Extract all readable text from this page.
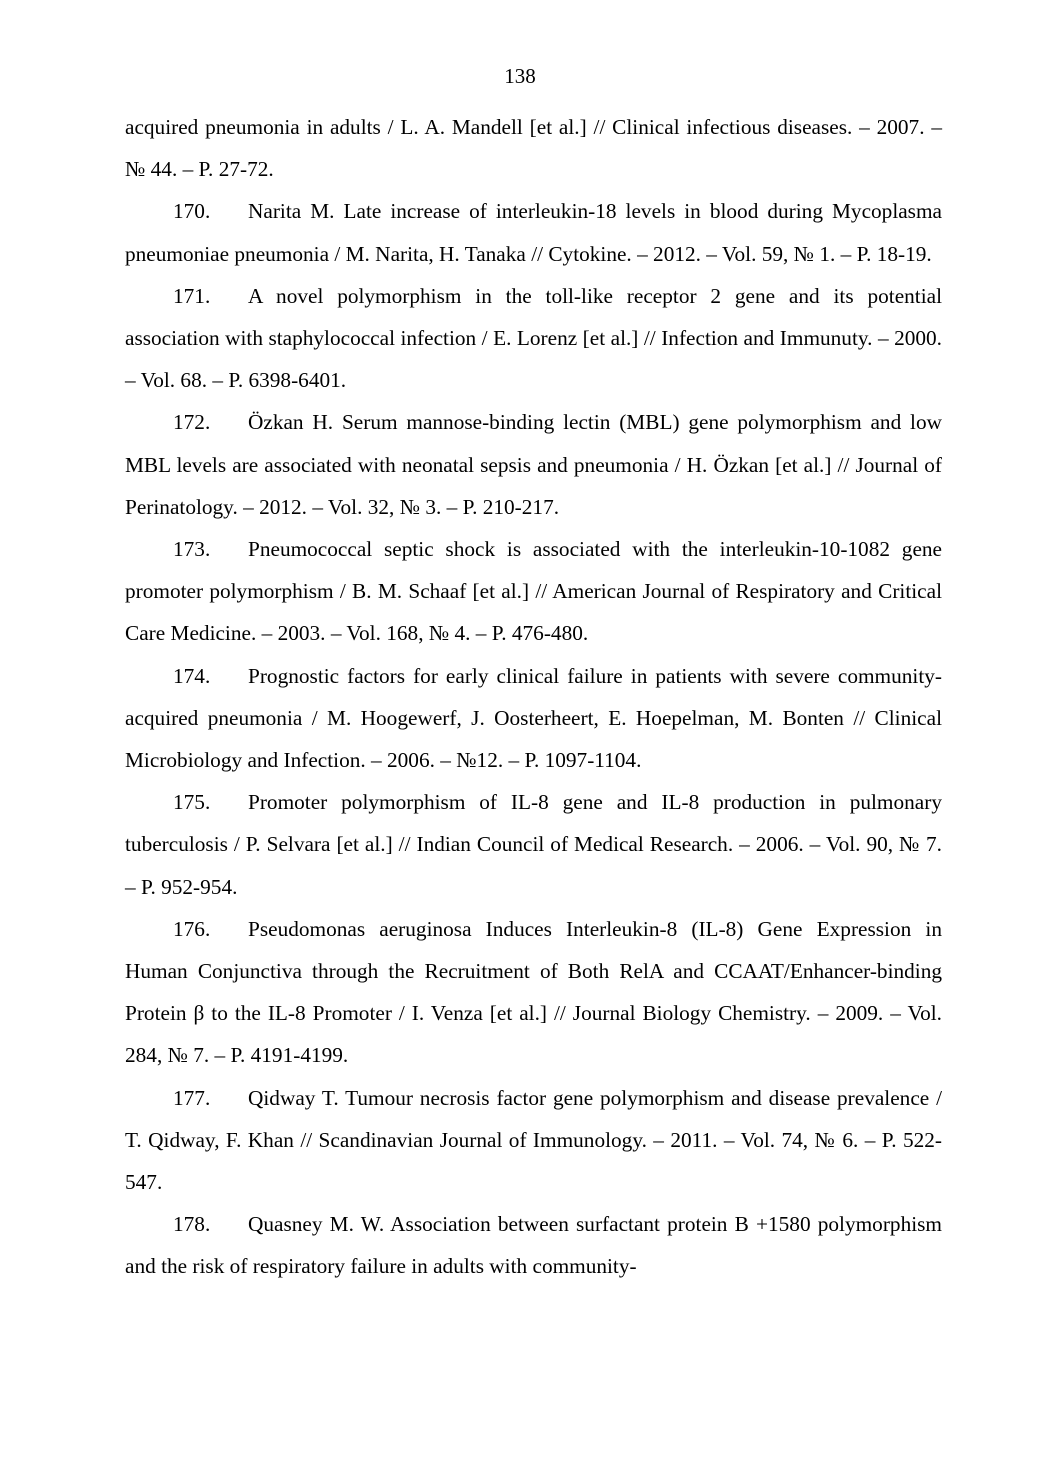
138

acquired pneumonia in adults / L. A. Mandell [et al.] // Clinical infectious diseases. – 2007. – № 44. – P. 27-72.

170. Narita M. Late increase of interleukin-18 levels in blood during Mycoplasma pneumoniae pneumonia / M. Narita, H. Tanaka // Cytokine. – 2012. – Vol. 59, № 1. – P. 18-19.

171. A novel polymorphism in the toll-like receptor 2 gene and its potential association with staphylococcal infection / E. Lorenz [et al.] // Infection and Immunuty. – 2000. – Vol. 68. – P. 6398-6401.

172. Özkan H. Serum mannose-binding lectin (MBL) gene polymorphism and low MBL levels are associated with neonatal sepsis and pneumonia / H. Özkan [et al.] // Journal of Perinatology. – 2012. – Vol. 32, № 3. – P. 210-217.

173. Pneumococcal septic shock is associated with the interleukin-10-1082 gene promoter polymorphism / B. M. Schaaf [et al.] // American Journal of Respiratory and Critical Care Medicine. – 2003. – Vol. 168, № 4. – P. 476-480.

174. Prognostic factors for early clinical failure in patients with severe community-acquired pneumonia / M. Hoogewerf, J. Oosterheert, E. Hoepelman, M. Bonten // Clinical Microbiology and Infection. – 2006. – №12. – P. 1097-1104.

175. Promoter polymorphism of IL-8 gene and IL-8 production in pulmonary tuberculosis / P. Selvara [et al.] // Indian Council of Medical Research. – 2006. – Vol. 90, № 7. – P. 952-954.

176. Pseudomonas aeruginosa Induces Interleukin-8 (IL-8) Gene Expression in Human Conjunctiva through the Recruitment of Both RelA and CCAAT/Enhancer-binding Protein β to the IL-8 Promoter / I. Venza [et al.] // Journal Biology Chemistry. – 2009. – Vol. 284, № 7. – P. 4191-4199.

177. Qidway T. Tumour necrosis factor gene polymorphism and disease prevalence / T. Qidway, F. Khan // Scandinavian Journal of Immunology. – 2011. – Vol. 74, № 6. – P. 522-547.

178. Quasney M. W. Association between surfactant protein B +1580 polymorphism and the risk of respiratory failure in adults with community-
